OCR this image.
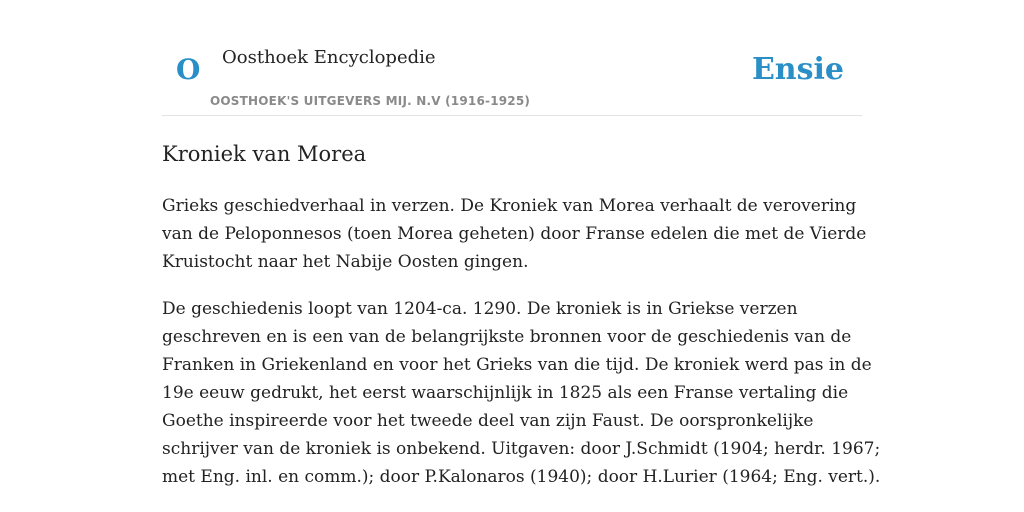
O Oosthoek Encyclopedie
OOSTHOEK'S UITGEVERS MIJ. N.V (1916-1925)
Ensie
Kroniek van Morea

Grieks geschiedverhaal in verzen. De Kroniek van Morea verhaalt de verovering
van de Peloponnesos (toen Morea geheten) door Franse edelen die met de Vierde
Kruistocht naar het Nabije Oosten gingen.

De geschiedenis loopt van 1204-ca. 1290. De kroniek is in Griekse verzen
geschreven en is een van de belangrijkste bronnen voor de geschiedenis van de
Franken in Griekenland en voor het Grieks van die tijd. De kroniek werd pas in de
19e eeuw gedrukt, het eerst waarschijnlijk in 1825 als een Franse vertaling die
Goethe inspireerde voor het tweede deel van zijn Faust. De oorspronkelijke
schrijver van de kroniek is onbekend. Uitgaven: door J.Schmidt (1904; herdr. 1967;
met Eng. inl. en comm.); door P.Kalonaros (1940); door H.Lurier (1964; Eng. vert.).
